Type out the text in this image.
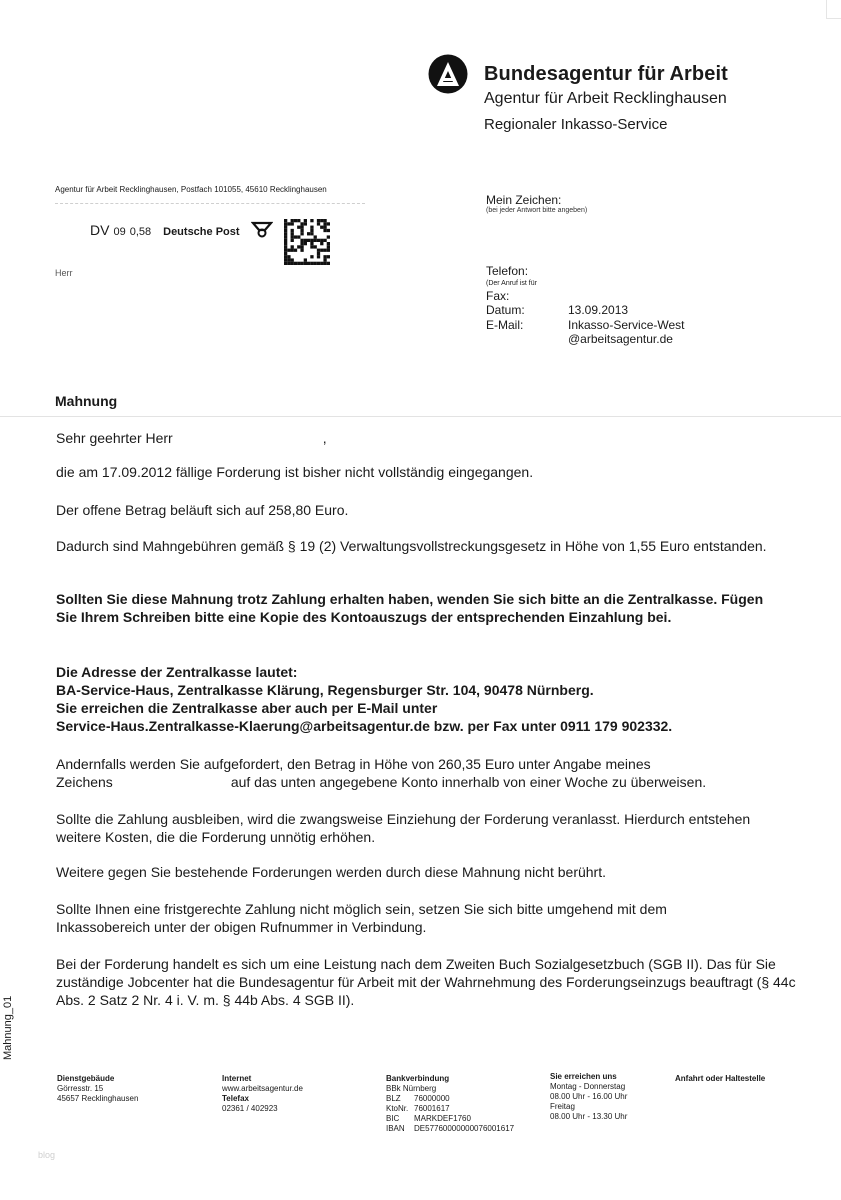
Bundesagentur für Arbeit
Agentur für Arbeit Recklinghausen
Regionaler Inkasso-Service
Agentur für Arbeit Recklinghausen, Postfach 101055, 45610 Recklinghausen
DV 09 0,58 Deutsche Post
Herr
Mein Zeichen:
(bei jeder Antwort bitte angeben)
Telefon:
(Der Anruf ist für
Fax:
Datum:	13.09.2013
E-Mail:	Inkasso-Service-West
@arbeitsagentur.de
Mahnung
Sehr geehrter Herr	,
die am 17.09.2012 fällige Forderung ist bisher nicht vollständig eingegangen.
Der offene Betrag beläuft sich auf 258,80 Euro.
Dadurch sind Mahngebühren gemäß § 19 (2) Verwaltungsvollstreckungsgesetz in Höhe von 1,55 Euro entstanden.
Sollten Sie diese Mahnung trotz Zahlung erhalten haben, wenden Sie sich bitte an die Zentralkasse. Fügen Sie Ihrem Schreiben bitte eine Kopie des Kontoauszugs der entsprechenden Einzahlung bei.
Die Adresse der Zentralkasse lautet:
BA-Service-Haus, Zentralkasse Klärung, Regensburger Str. 104, 90478 Nürnberg.
Sie erreichen die Zentralkasse aber auch per E-Mail unter
Service-Haus.Zentralkasse-Klaerung@arbeitsagentur.de bzw. per Fax unter 0911 179 902332.
Andernfalls werden Sie aufgefordert, den Betrag in Höhe von 260,35 Euro unter Angabe meines
Zeichens	auf das unten angegebene Konto innerhalb von einer Woche zu überweisen.
Sollte die Zahlung ausbleiben, wird die zwangsweise Einziehung der Forderung veranlasst. Hierdurch entstehen weitere Kosten, die die Forderung unnötig erhöhen.
Weitere gegen Sie bestehende Forderungen werden durch diese Mahnung nicht berührt.
Sollte Ihnen eine fristgerechte Zahlung nicht möglich sein, setzen Sie sich bitte umgehend mit dem Inkassobereich unter der obigen Rufnummer in Verbindung.
Bei der Forderung handelt es sich um eine Leistung nach dem Zweiten Buch Sozialgesetzbuch (SGB II). Das für Sie zuständige Jobcenter hat die Bundesagentur für Arbeit mit der Wahrnehmung des Forderungseinzugs beauftragt (§ 44c Abs. 2 Satz 2 Nr. 4 i. V. m. § 44b Abs. 4 SGB II).
Mahnung_01
Dienstgebäude
Görresstr. 15
45657 Recklinghausen
Internet
www.arbeitsagentur.de
Telefax
02361 / 402923
Bankverbindung
BBk Nürnberg
BLZ	76000000
KtoNr. 76001617
BIC	MARKDEF1760
IBAN	DE57760000000076001617
Sie erreichen uns
Montag - Donnerstag
08.00 Uhr - 16.00 Uhr
Freitag
08.00 Uhr - 13.30 Uhr
Anfahrt oder Haltestelle
blog
